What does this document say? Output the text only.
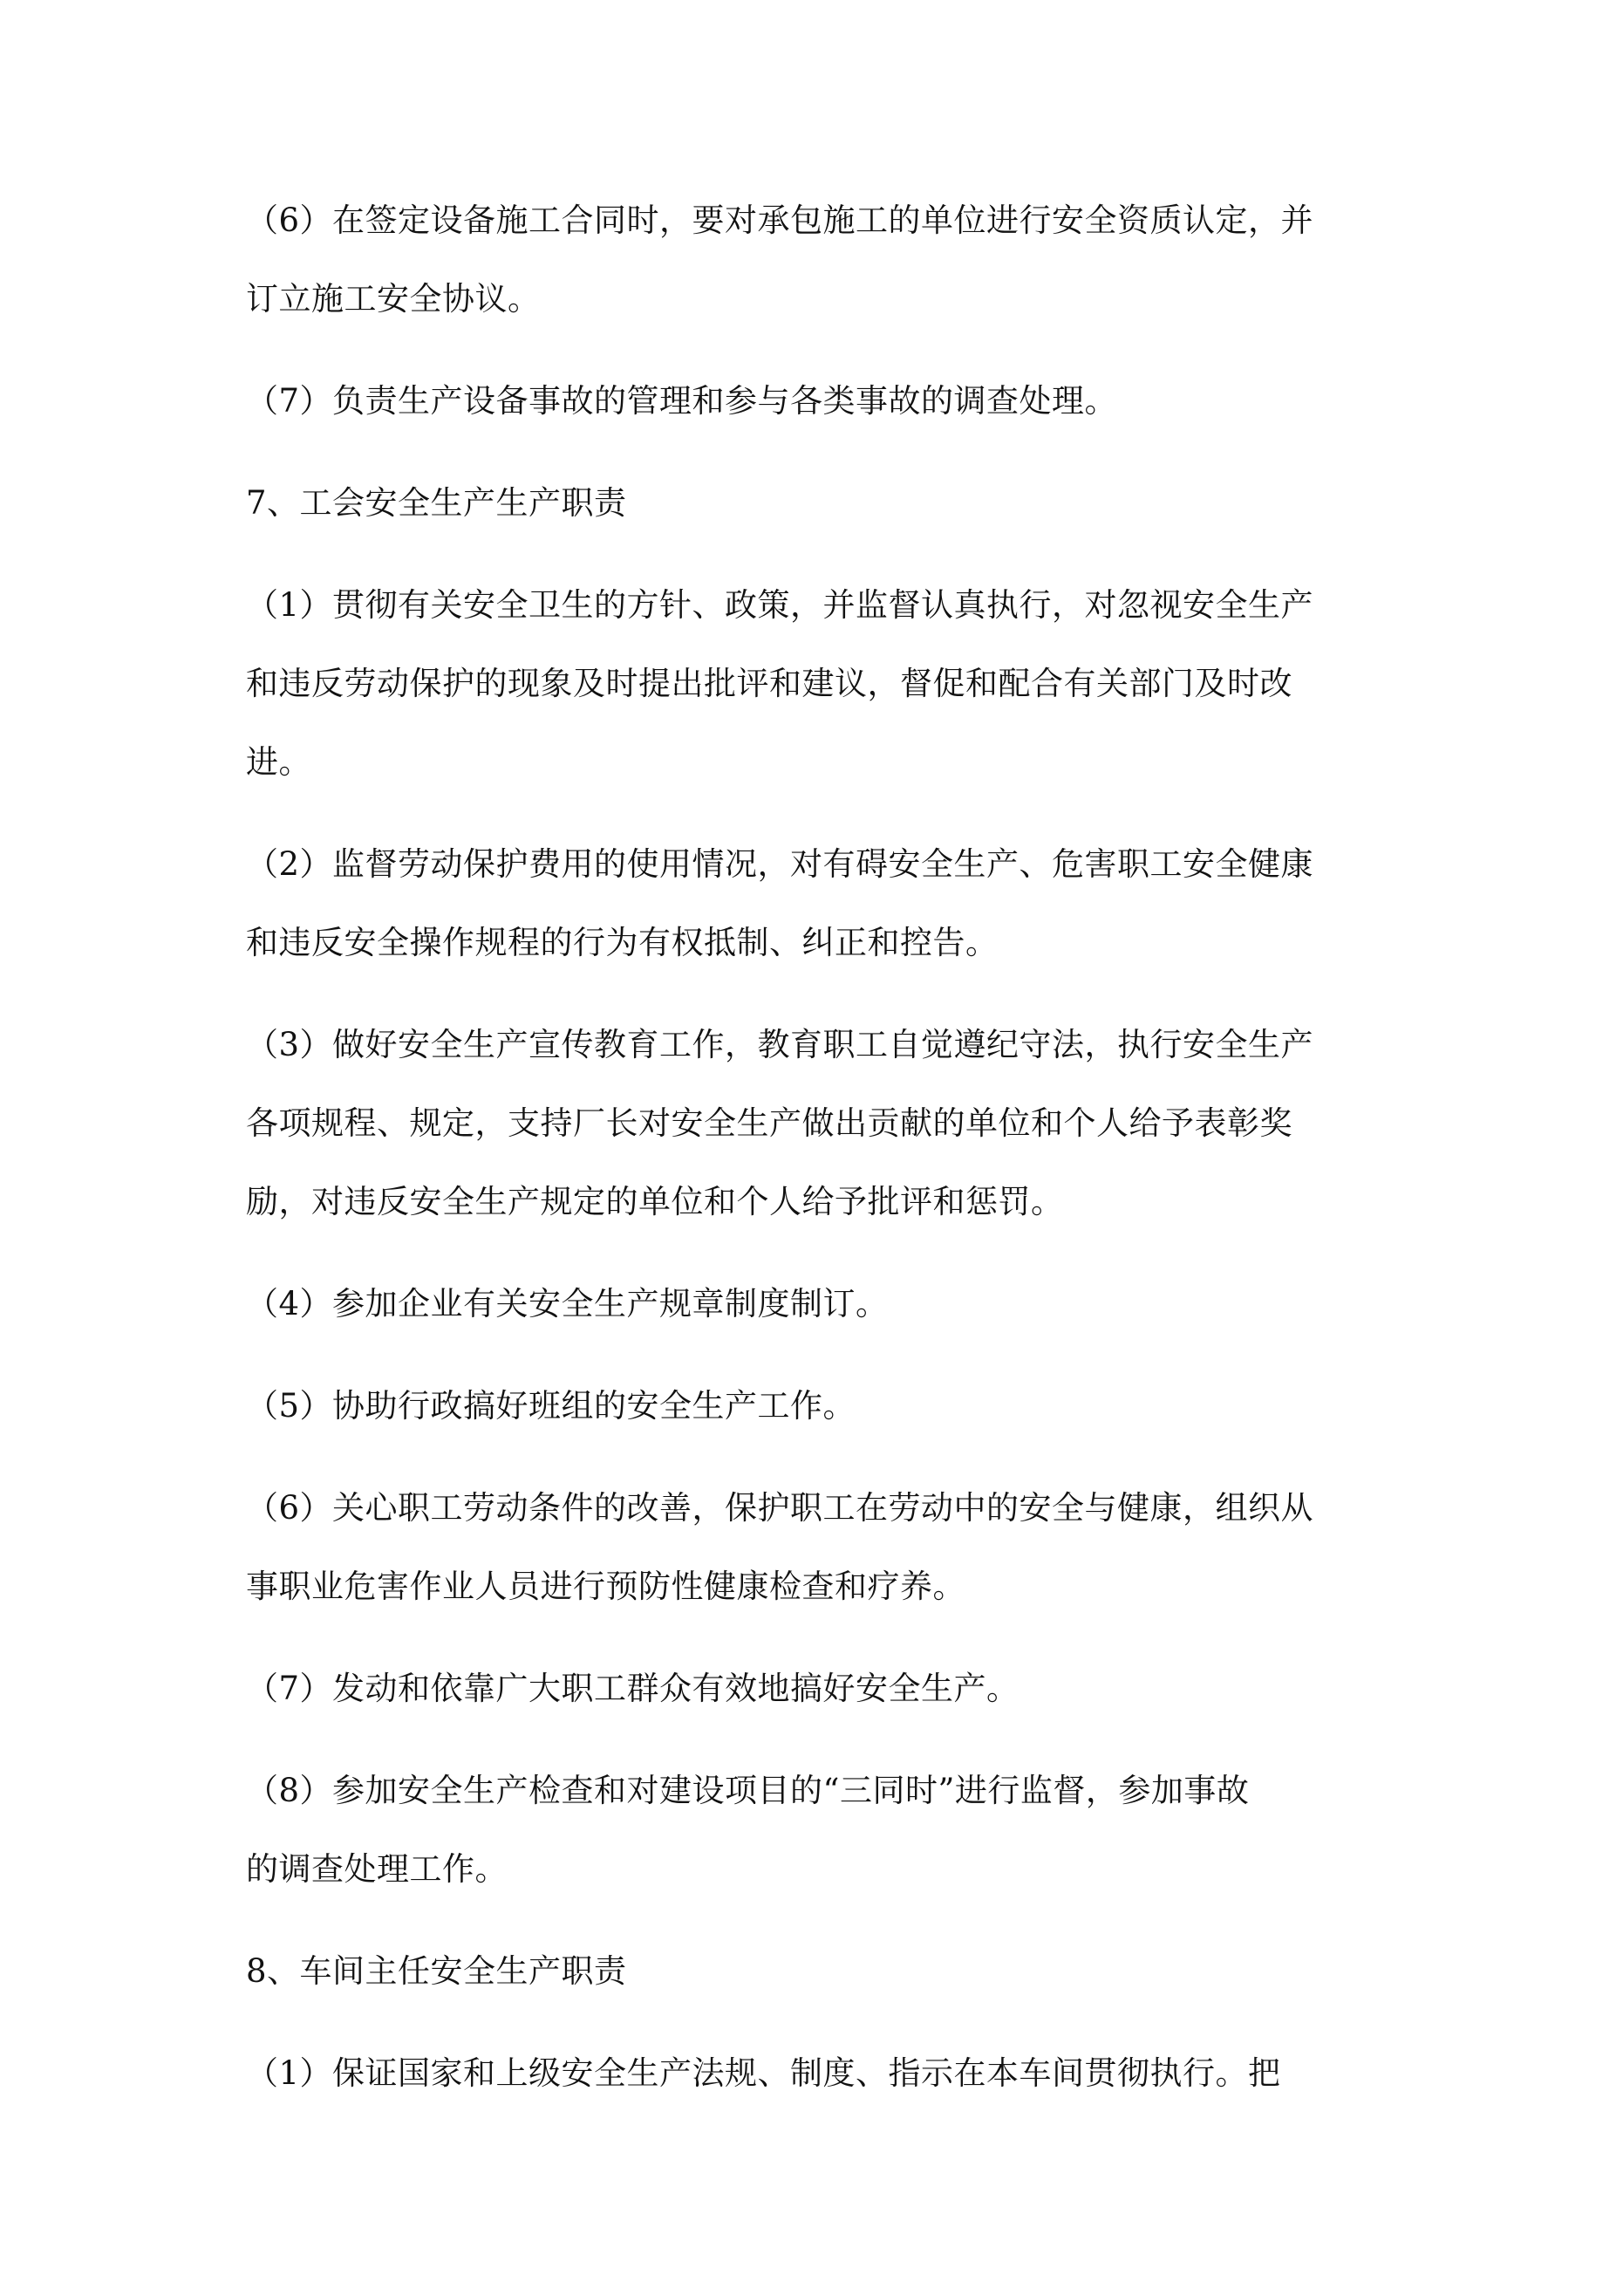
（6）在签定设备施工合同时，要对承包施工的单位进行安全资质认定，并
订立施工安全协议。

（7）负责生产设备事故的管理和参与各类事故的调查处理。

7、工会安全生产生产职责

（1）贯彻有关安全卫生的方针、政策，并监督认真执行，对忽视安全生产
和违反劳动保护的现象及时提出批评和建议，督促和配合有关部门及时改
进。

（2）监督劳动保护费用的使用情况，对有碍安全生产、危害职工安全健康
和违反安全操作规程的行为有权抵制、纠正和控告。

（3）做好安全生产宣传教育工作，教育职工自觉遵纪守法，执行安全生产
各项规程、规定，支持厂长对安全生产做出贡献的单位和个人给予表彰奖
励，对违反安全生产规定的单位和个人给予批评和惩罚。

（4）参加企业有关安全生产规章制度制订。

（5）协助行政搞好班组的安全生产工作。

（6）关心职工劳动条件的改善，保护职工在劳动中的安全与健康，组织从
事职业危害作业人员进行预防性健康检查和疗养。

（7）发动和依靠广大职工群众有效地搞好安全生产。

（8）参加安全生产检查和对建设项目的“三同时”进行监督，参加事故
的调查处理工作。

8、车间主任安全生产职责

（1）保证国家和上级安全生产法规、制度、指示在本车间贯彻执行。把
